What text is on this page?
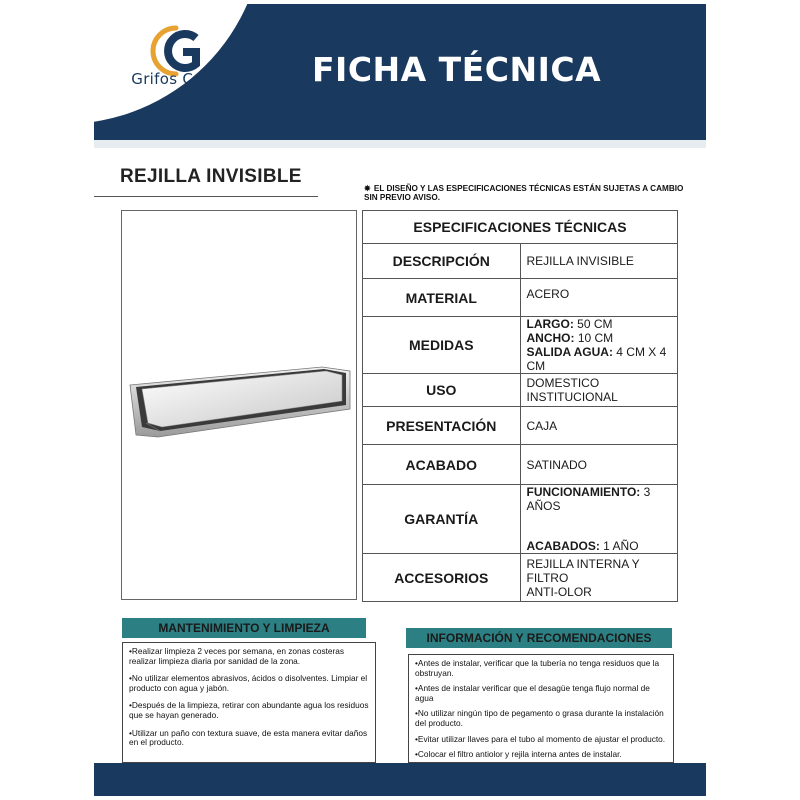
Grifos Center	FICHA TÉCNICA
REJILLA INVISIBLE
✸ EL DISEÑO Y LAS ESPECIFICACIONES TÉCNICAS ESTÁN SUJETAS A CAMBIO SIN PREVIO AVISO.
ESPECIFICACIONES TÉCNICAS	
DESCRIPCIÓN	REJILLA INVISIBLE
MATERIAL	ACERO
MEDIDAS	LARGO: 50 CM
ANCHO: 10 CM
SALIDA AGUA: 4 CM X 4 CM

USO	DOMESTICO
INSTITUCIONAL

PRESENTACIÓN	CAJA
ACABADO	SATINADO
GARANTÍA	FUNCIONAMIENTO: 3 AÑOS
ACABADOS: 1 AÑO

ACCESORIOS	REJILLA INTERNA Y FILTRO
ANTI-OLOR
MANTENIMIENTO Y LIMPIEZA

•Realizar limpieza 2 veces por semana, en zonas costeras realizar limpieza diaria por sanidad de la zona.

•No utilizar elementos abrasivos, ácidos o disolventes. Limpiar el producto con agua y jabón.

•Después de la limpieza, retirar con abundante agua los residuos que se hayan generado.

•Utilizar un paño con textura suave, de esta manera evitar daños en el producto.

INFORMACIÓN Y RECOMENDACIONES

•Antes de instalar, verificar que la tubería no tenga residuos que la obstruyan.

•Antes de instalar verificar que el desagüe tenga flujo normal de agua

•No utilizar ningún tipo de pegamento o grasa durante la instalación del producto.

•Evitar utilizar llaves para el tubo al momento de ajustar el producto.

•Colocar el filtro antiolor y rejila interna antes de instalar.
